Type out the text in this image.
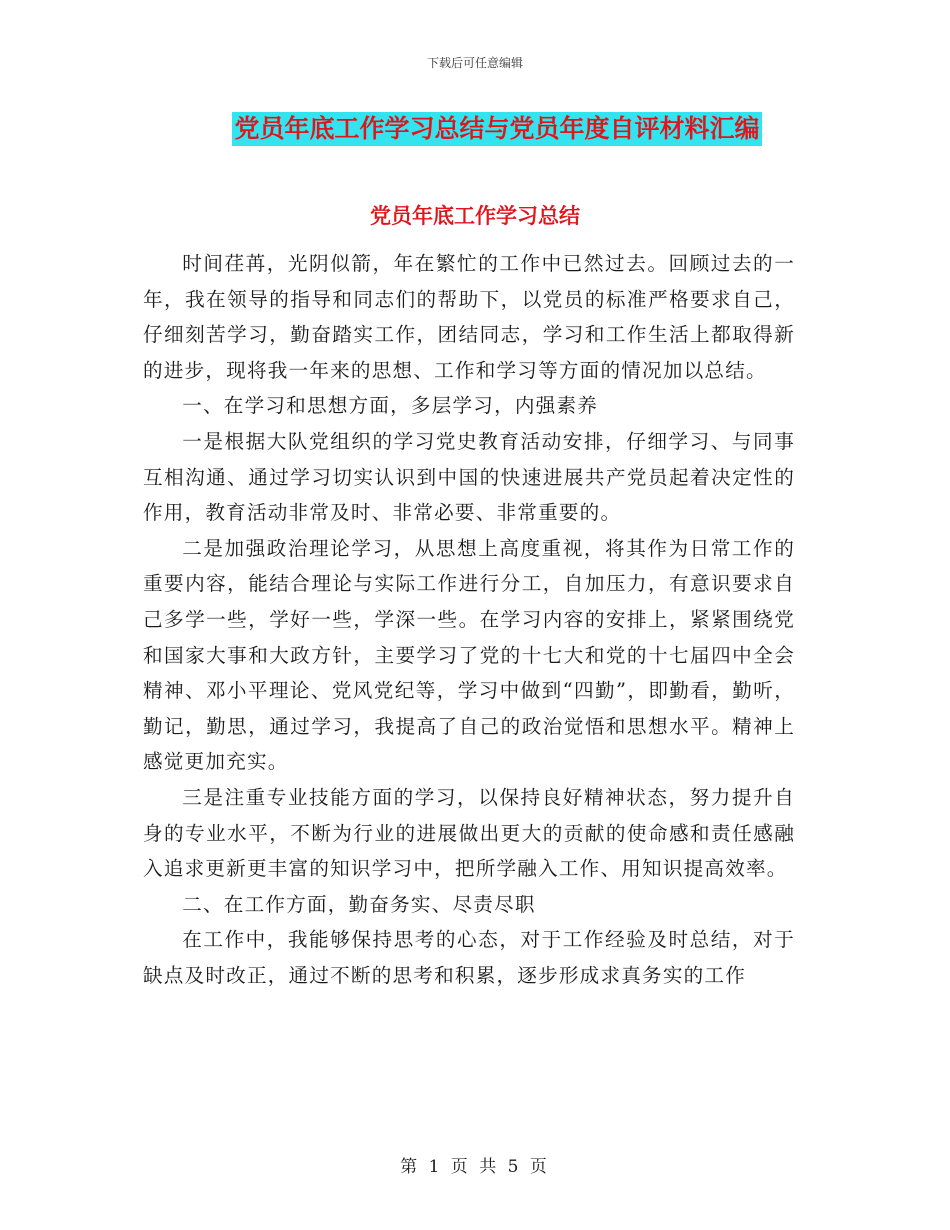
下载后可任意编辑
党员年底工作学习总结与党员年度自评材料汇编
党员年底工作学习总结

时间荏苒，光阴似箭，年在繁忙的工作中已然过去。回顾过去的一年，我在领导的指导和同志们的帮助下，以党员的标准严格要求自己，仔细刻苦学习，勤奋踏实工作，团结同志，学习和工作生活上都取得新的进步，现将我一年来的思想、工作和学习等方面的情况加以总结。

一、在学习和思想方面，多层学习，内强素养

一是根据大队党组织的学习党史教育活动安排，仔细学习、与同事互相沟通、通过学习切实认识到中国的快速进展共产党员起着决定性的作用，教育活动非常及时、非常必要、非常重要的。

二是加强政治理论学习，从思想上高度重视，将其作为日常工作的重要内容，能结合理论与实际工作进行分工，自加压力，有意识要求自己多学一些，学好一些，学深一些。在学习内容的安排上，紧紧围绕党和国家大事和大政方针，主要学习了党的十七大和党的十七届四中全会精神、邓小平理论、党风党纪等，学习中做到“四勤”，即勤看，勤听，勤记，勤思，通过学习，我提高了自己的政治觉悟和思想水平。精神上感觉更加充实。

三是注重专业技能方面的学习，以保持良好精神状态，努力提升自身的专业水平，不断为行业的进展做出更大的贡献的使命感和责任感融入追求更新更丰富的知识学习中，把所学融入工作、用知识提高效率。

二、在工作方面，勤奋务实、尽责尽职

在工作中，我能够保持思考的心态，对于工作经验及时总结，对于缺点及时改正，通过不断的思考和积累，逐步形成求真务实的工作

第 1 页 共 5 页
